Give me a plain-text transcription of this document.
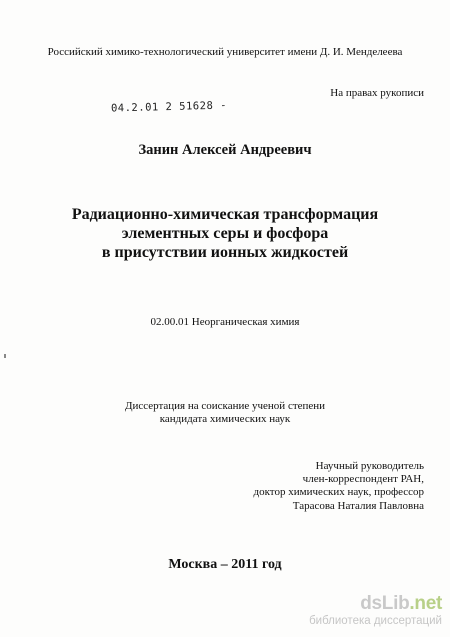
Российский химико-технологический университет имени Д. И. Менделеева
На правах рукописи
04.2.01 2 51628 -
Занин Алексей Андреевич
Радиационно-химическая трансформация
элементных серы и фосфора
в присутствии ионных жидкостей
02.00.01 Неорганическая химия
Диссертация на соискание ученой степени
кандидата химических наук
Научный руководитель
член-корреспондент РАН,
доктор химических наук, профессор
Тарасова Наталия Павловна
Москва – 2011 год
dsLib.net
библиотека диссертаций
